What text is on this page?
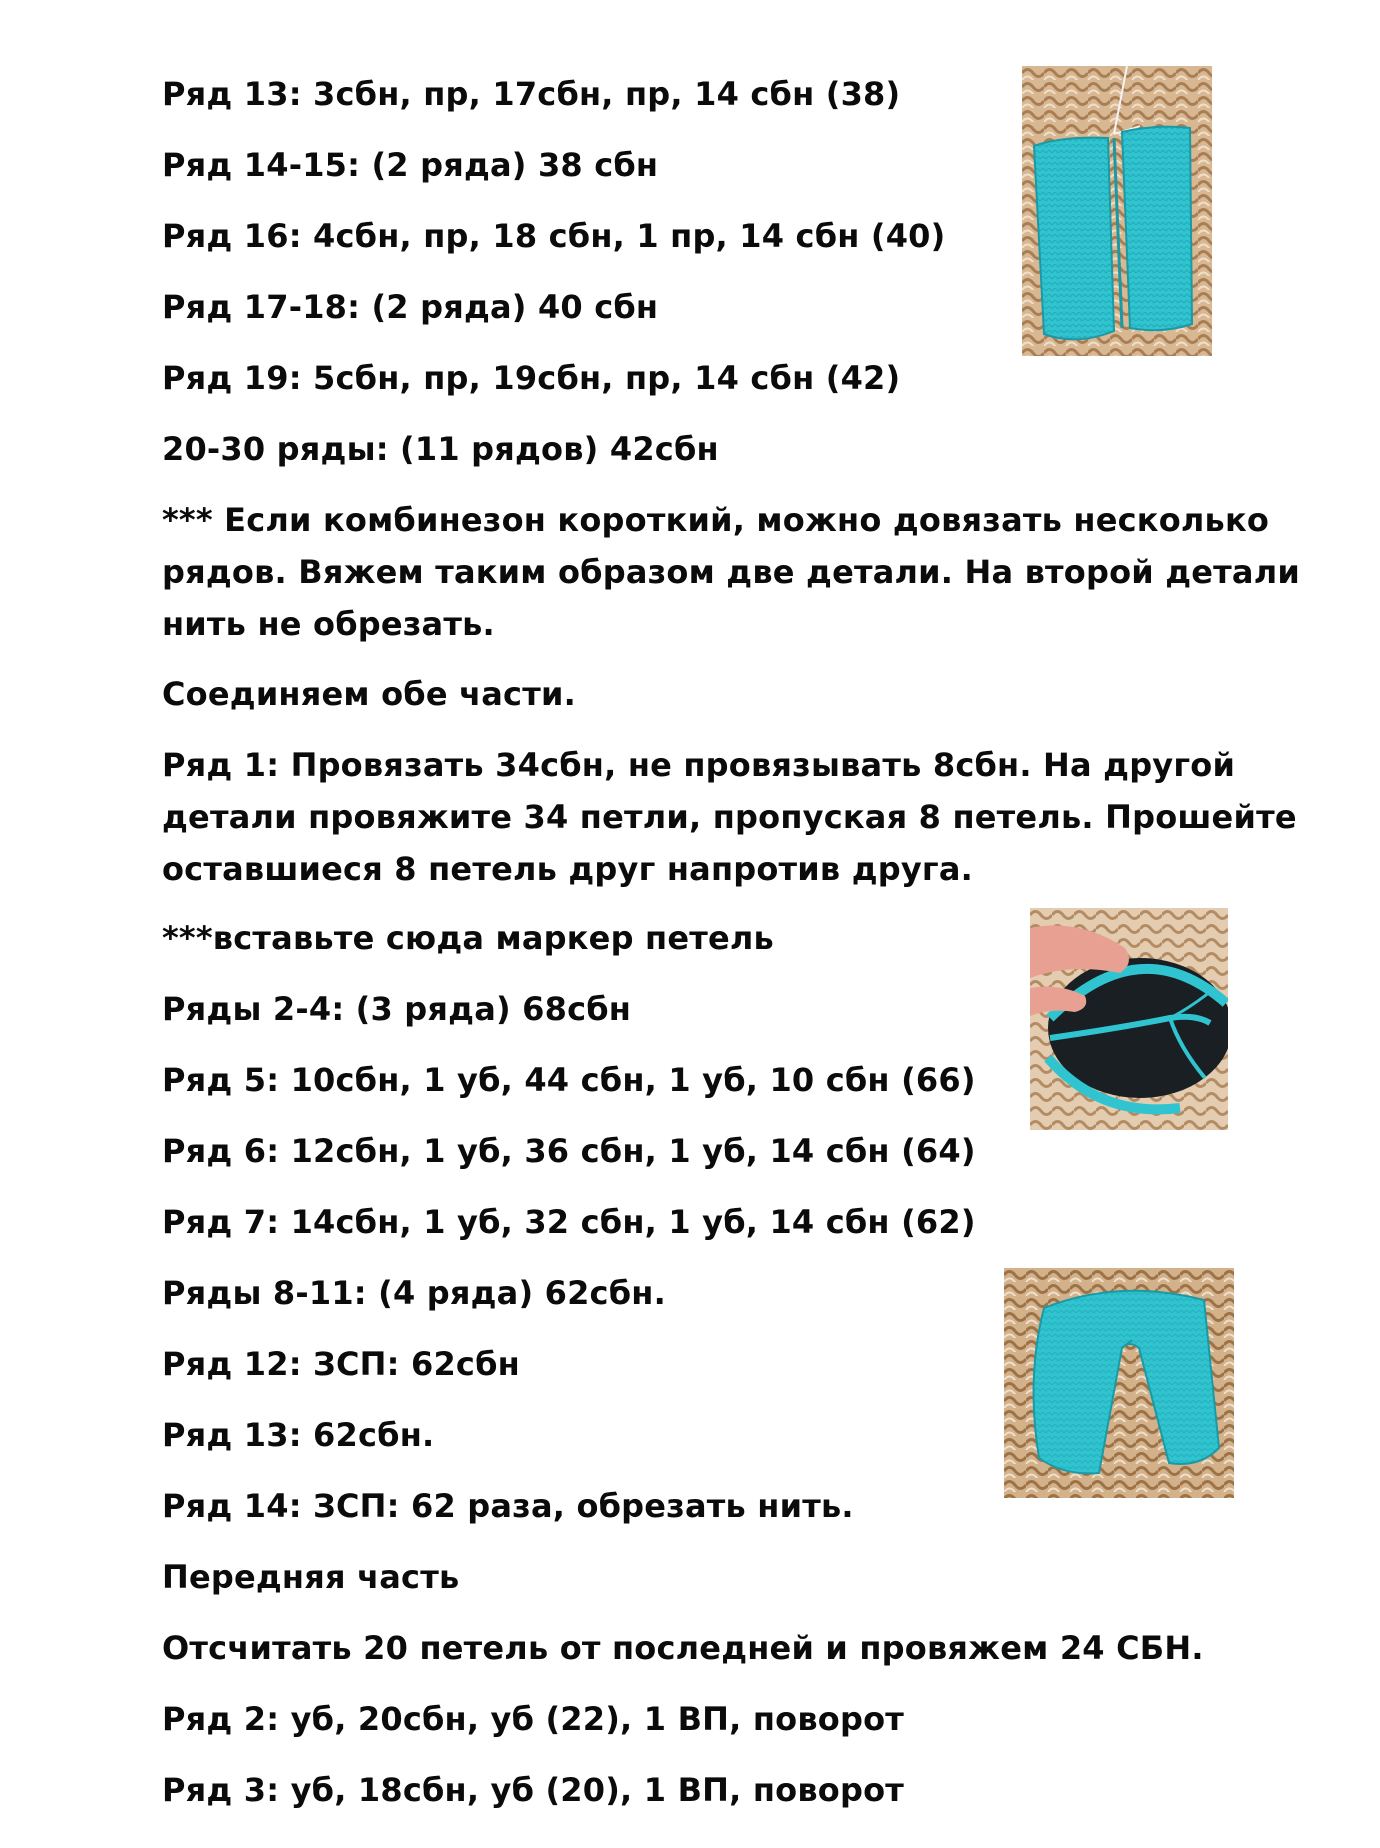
Ряд 13: 3сбн, пр, 17сбн, пр, 14 сбн (38)
Ряд 14-15: (2 ряда) 38 сбн
Ряд 16: 4сбн, пр, 18 сбн, 1 пр, 14 сбн (40)
Ряд 17-18: (2 ряда) 40 сбн
Ряд 19: 5сбн, пр, 19сбн, пр, 14 сбн (42)
20-30 ряды: (11 рядов) 42сбн
*** Если комбинезон короткий, можно довязать несколько рядов. Вяжем таким образом две детали. На второй детали нить не обрезать.
Соединяем обе части.
Ряд 1: Провязать 34сбн, не провязывать 8сбн. На другой детали провяжите 34 петли, пропуская 8 петель. Прошейте оставшиеся 8 петель друг напротив друга.
***вставьте сюда маркер петель
Ряды 2-4: (3 ряда) 68сбн
Ряд 5: 10сбн, 1 уб, 44 сбн, 1 уб, 10 сбн (66)
Ряд 6: 12сбн, 1 уб, 36 сбн, 1 уб, 14 сбн (64)
Ряд 7: 14сбн, 1 уб, 32 сбн, 1 уб, 14 сбн (62)
Ряды 8-11: (4 ряда) 62сбн.
Ряд 12: ЗСП: 62сбн
Ряд 13: 62сбн.
Ряд 14: ЗСП: 62 раза, обрезать нить.
Передняя часть
Отсчитать 20 петель от последней и провяжем 24 СБН.
Ряд 2: уб, 20сбн, уб (22), 1 ВП, поворот
Ряд 3: уб, 18сбн, уб (20), 1 ВП, поворот
